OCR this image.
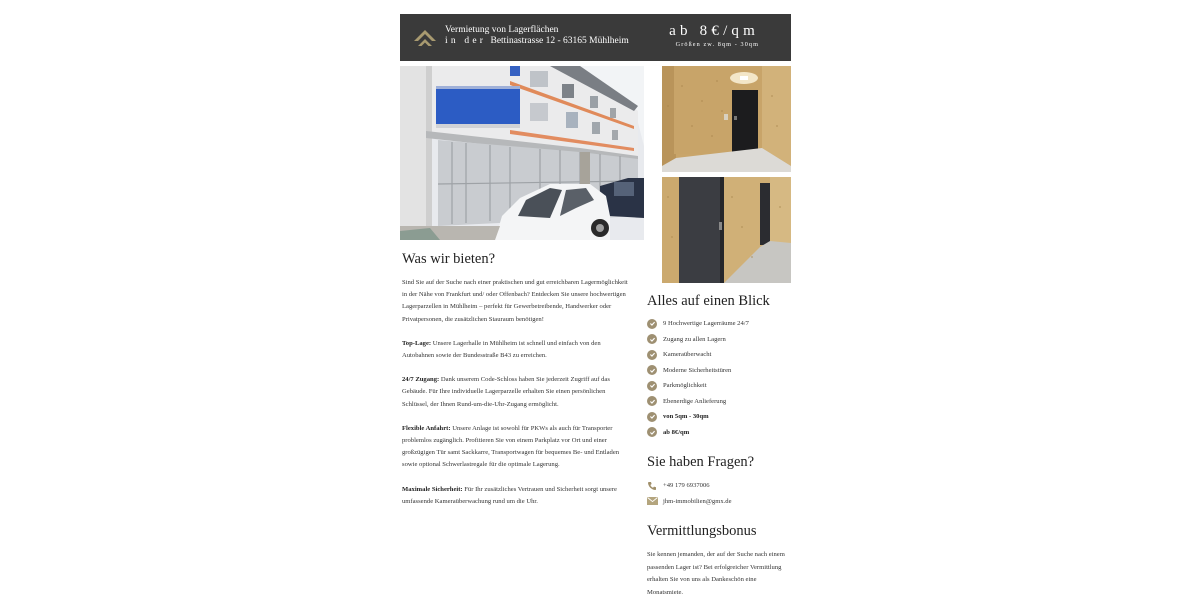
Vermietung von Lagerflächen
in der Bettinastrasse 12 - 63165 Mühlheim
ab 8€/qm
Größen zw. 8qm - 30qm
Was wir bieten?

Sind Sie auf der Suche nach einer praktischen und gut erreichbaren Lagermöglichkeit in der Nähe von Frankfurt und/ oder Offenbach? Entdecken Sie unsere hochwertigen Lagerparzellen in Mühlheim – perfekt für Gewerbetreibende, Handwerker oder Privatpersonen, die zusätzlichen Stauraum benötigen!

Top-Lage: Unsere Lagerhalle in Mühlheim ist schnell und einfach von den Autobahnen sowie der Bundesstraße B43 zu erreichen.

24/7 Zugang: Dank unserem Code-Schloss haben Sie jederzeit Zugriff auf das Gebäude. Für Ihre individuelle Lagerparzelle erhalten Sie einen persönlichen Schlüssel, der Ihnen Rund-um-die-Uhr-Zugang ermöglicht.

Flexible Anfahrt: Unsere Anlage ist sowohl für PKWs als auch für Transporter problemlos zugänglich. Profitieren Sie von einem Parkplatz vor Ort und einer großzügigen Tür samt Sackkarre, Transportwagen für bequemes Be- und Entladen sowie optional Schwerlastregale für die optimale Lagerung.

Maximale Sicherheit: Für Ihr zusätzliches Vertrauen und Sicherheit sorgt unsere umfassende Kameraüberwachung rund um die Uhr.

Alles auf einen Blick
9 Hochwertige Lagerräume 24/7
Zugang zu allen Lagern
Kameraüberwacht
Moderne Sicherheitstüren
Parkmöglichkeit
Ebenerdige Anlieferung
von 5qm - 30qm
ab 8€/qm
Sie haben Fragen?
+49 179 6937006
jhm-immobilien@gmx.de
Vermittlungsbonus

Sie kennen jemanden, der auf der Suche nach einem passenden Lager ist? Bei erfolgreicher Vermittlung erhalten Sie von uns als Dankeschön eine Monatsmiete.
